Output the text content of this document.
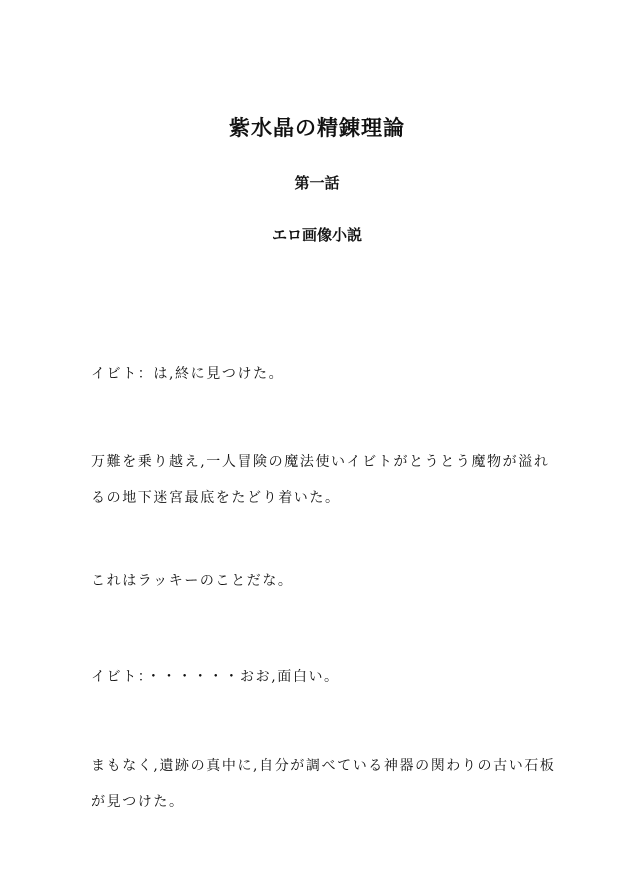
紫水晶の精錬理論
第一話
エロ画像小説

イビト：は,終に見つけた。

万難を乗り越え,一人冒険の魔法使いイビトがとうとう魔物が溢れ
るの地下迷宮最底をたどり着いた。

これはラッキーのことだな。

イビト：・・・・・・おお,面白い。

まもなく,遺跡の真中に,自分が調べている神器の関わりの古い石板
が見つけた。
